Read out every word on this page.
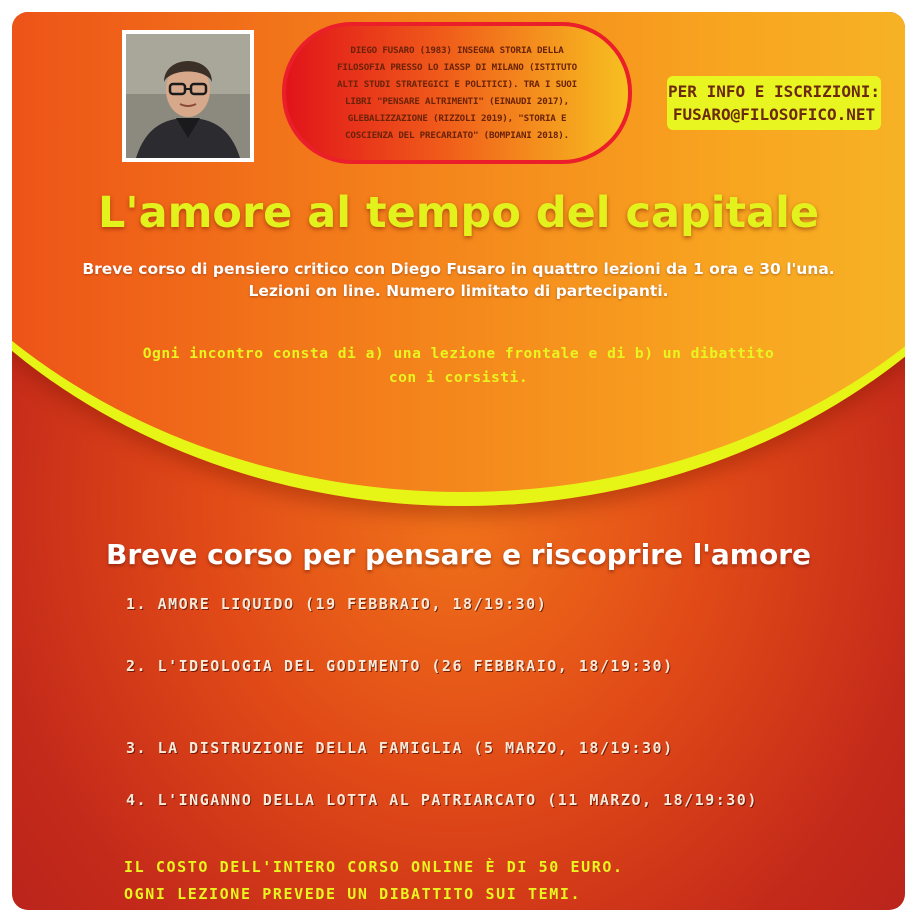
DIEGO FUSARO (1983) INSEGNA STORIA DELLA FILOSOFIA PRESSO LO IASSP DI MILANO (ISTITUTO ALTI STUDI STRATEGICI E POLITICI). TRA I SUOI LIBRI "PENSARE ALTRIMENTI" (EINAUDI 2017), GLEBALIZZAZIONE (RIZZOLI 2019), "STORIA E COSCIENZA DEL PRECARIATO" (BOMPIANI 2018).

PER INFO E ISCRIZIONI:
FUSARO@FILOSOFICO.NET
L'amore al tempo del capitale
Breve corso di pensiero critico con Diego Fusaro in quattro lezioni da 1 ora e 30 l'una. Lezioni on line. Numero limitato di partecipanti.
Ogni incontro consta di a) una lezione frontale e di b) un dibattito con i corsisti.
Breve corso per pensare e riscoprire l'amore
1. AMORE LIQUIDO (19 FEBBRAIO, 18/19:30)
2. L'IDEOLOGIA DEL GODIMENTO (26 FEBBRAIO, 18/19:30)
3. LA DISTRUZIONE DELLA FAMIGLIA (5 MARZO, 18/19:30)
4. L'INGANNO DELLA LOTTA AL PATRIARCATO (11 MARZO, 18/19:30)
IL COSTO DELL'INTERO CORSO ONLINE È DI 50 EURO.
OGNI LEZIONE PREVEDE UN DIBATTITO SUI TEMI.
